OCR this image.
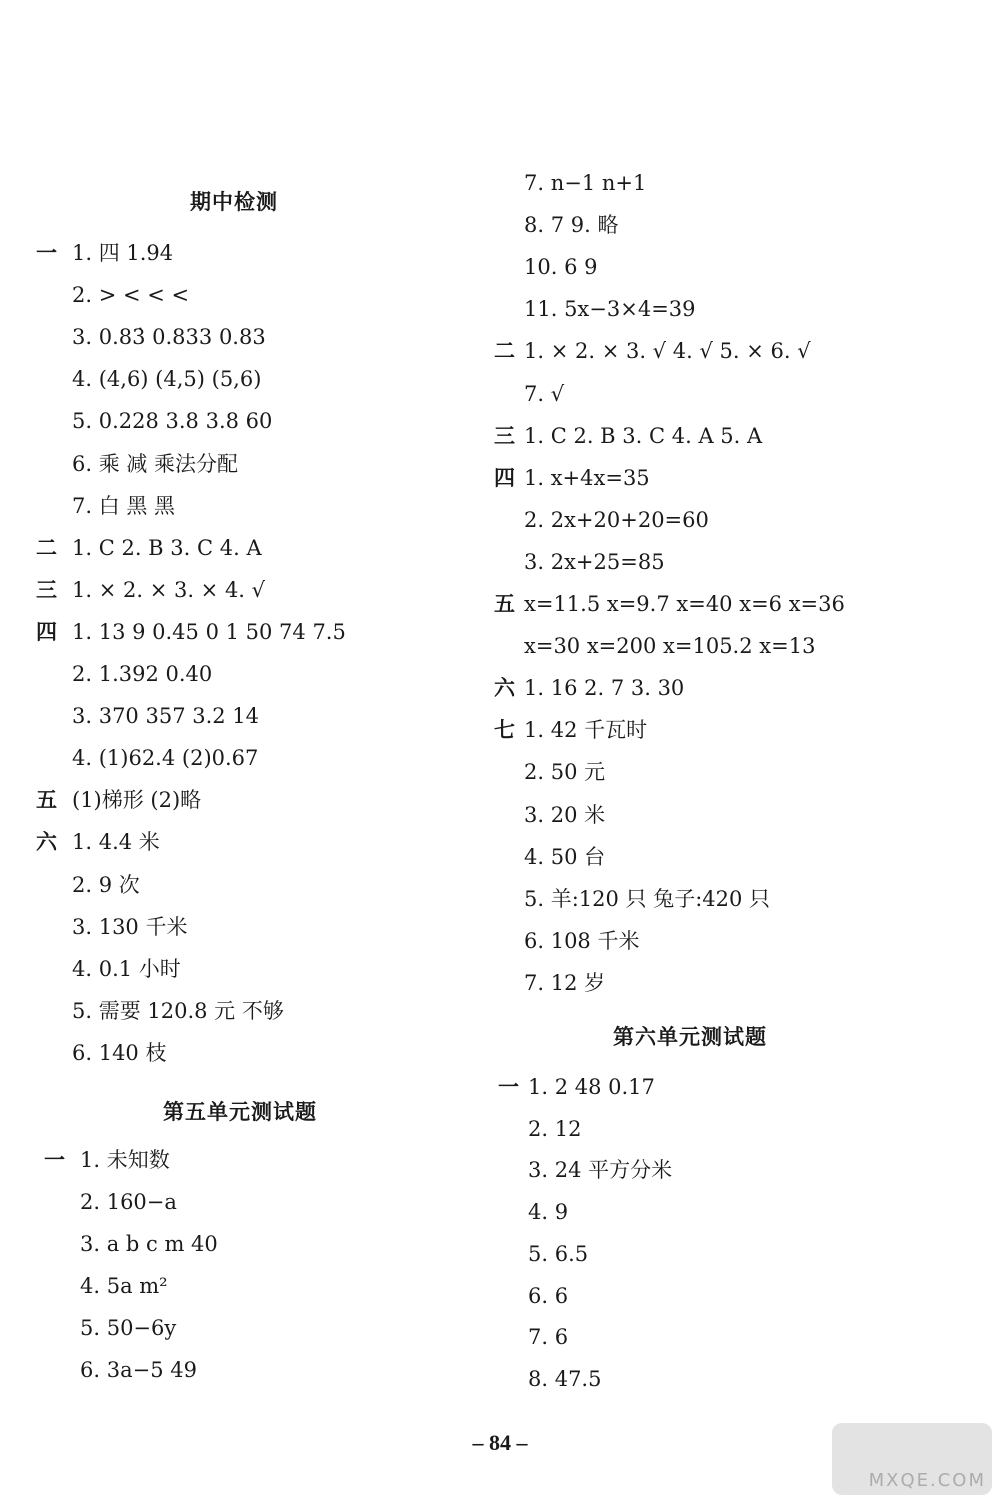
期中检测
一 1. 四 1.94
2. > < < <
3. 0.83̇ 0.833 0.83
4. (4,6) (4,5) (5,6)
5. 0.228 3.8 3.8 60
6. 乘 减 乘法分配
7. 白 黑 黑
二 1. C 2. B 3. C 4. A
三 1. × 2. × 3. × 4. √
四 1. 13 9 0.45 0 1 50 74 7.5
2. 1.392 0.40
3. 370 357 3.2 14
4. (1)62.4 (2)0.67
五 (1)梯形 (2)略
六 1. 4.4 米
2. 9 次
3. 130 千米
4. 0.1 小时
5. 需要 120.8 元 不够
6. 140 枝
第五单元测试题
一 1. 未知数
2. 160−a
3. a b c m 40
4. 5a m²
5. 50−6y
6. 3a−5 49
7. n−1 n+1
8. 7 9. 略
10. 6 9
11. 5x−3×4=39
二 1. × 2. × 3. √ 4. √ 5. × 6. √
7. √
三 1. C 2. B 3. C 4. A 5. A
四 1. x+4x=35
2. 2x+20+20=60
3. 2x+25=85
五 x=11.5 x=9.7 x=40 x=6 x=36
x=30 x=200 x=105.2 x=13
六 1. 16 2. 7 3. 30
七 1. 42 千瓦时
2. 50 元
3. 20 米
4. 50 台
5. 羊:120 只 兔子:420 只
6. 108 千米
7. 12 岁
第六单元测试题
一 1. 2 48 0.17
2. 12
3. 24 平方分米
4. 9
5. 6.5
6. 6
7. 6
8. 47.5
– 84 –
MXQE.COM
